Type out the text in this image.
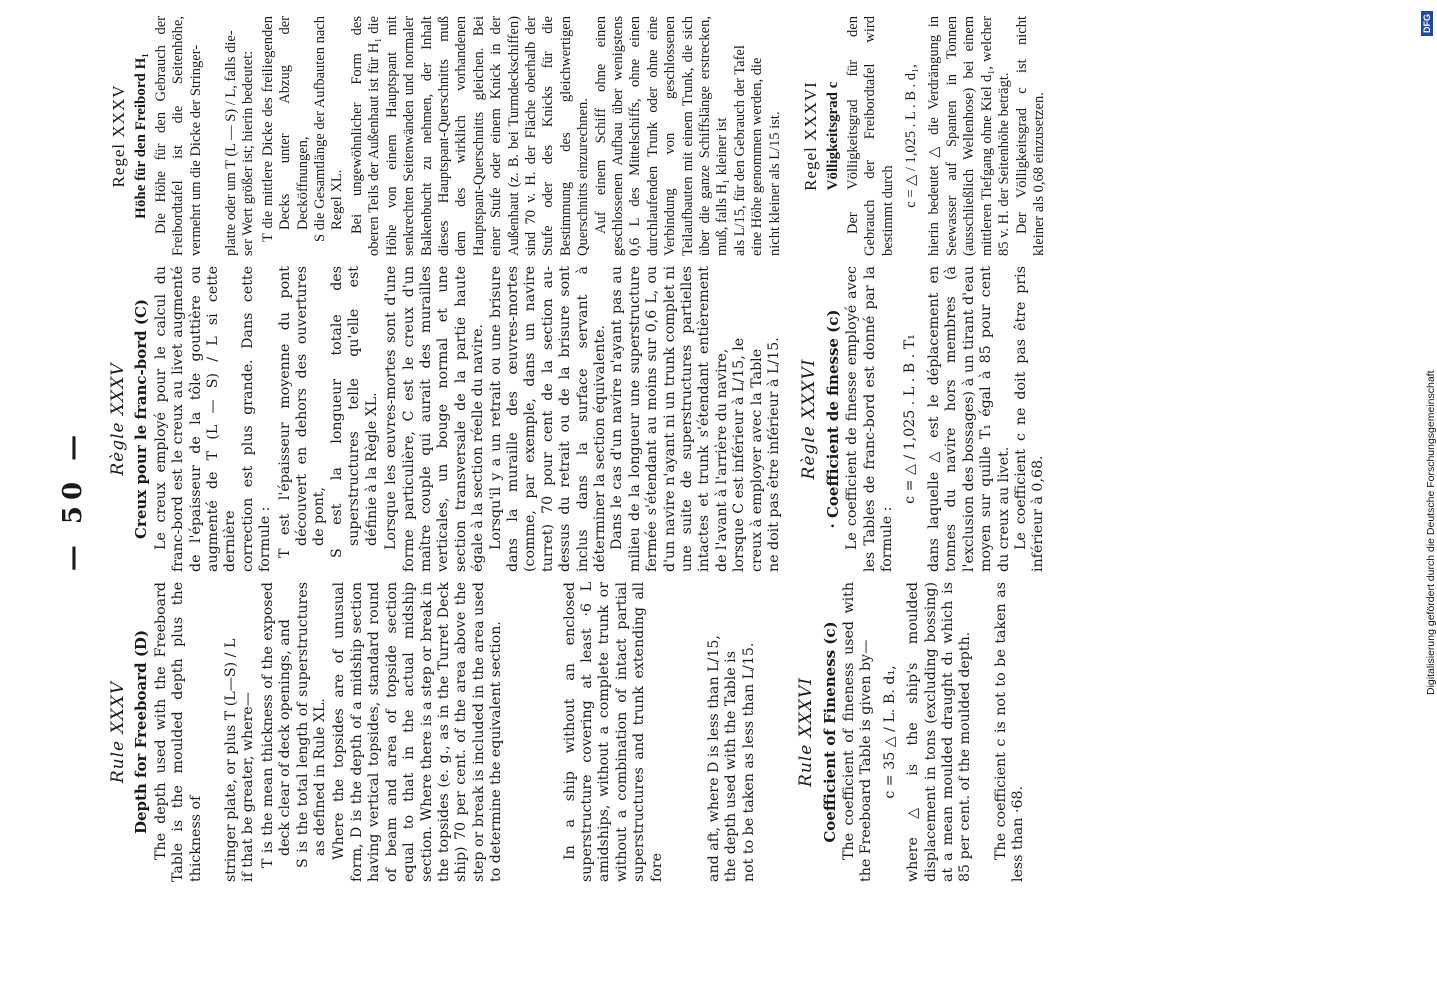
— 50 —
Rule XXXV Depth for Freeboard (D) The depth used with the Freeboard Table is the moulded depth plus the thickness of stringer plate, or plus T (L—S) / L if that be greater, where— T is the mean thickness of the exposed deck clear of deck openings, and S is the total length of superstructures as defined in Rule XL. Where the topsides are of unusual form, D is the depth of a midship section having vertical topsides, standard round of beam and area of topside section equal to that in the actual midship section. Where there is a step or break in the topsides (e. g., as in the Turret Deck ship) 70 per cent. of the area above the step or break is included in the area used to determine the equivalent section.	In a ship without an enclosed superstructure covering at least ·6 L amidships, without a complete trunk or without a combination of intact partial superstructures and trunk extending all fore	and aft, where D is less than L/15, the depth used with the Table is not to be taken as less than L/15. Rule XXXVI Coefficient of Fineness (c) The coefficient of fineness used with the Freeboard Table is given by— c = 35 △ / L. B. d₁, where △ is the ship's moulded displacement in tons (excluding bossing) at a mean moulded draught d₁ which is 85 per cent. of the moulded depth. The coefficient c is not to be taken as less than ·68.

Règle XXXV Creux pour le franc-bord (C) Le creux employé pour le calcul du franc-bord est le creux au livet augmenté de l'épaisseur de la tôle gouttière ou augmenté de T (L — S) / L si cette dernière correction est plus grande. Dans cette formule : T est l'épaisseur moyenne du pont découvert en dehors des ouvertures de pont, S est la longueur totale des superstructures telle qu'elle est définie à la Règle XL. Lorsque les œuvres-mortes sont d'une forme particulière, C est le creux d'un maître couple qui aurait des murailles verticales, un bouge normal et une section transversale de la partie haute égale à la section réelle du navire. Lorsqu'il y a un retrait ou une brisure dans la muraille des œuvres-mortes (comme, par exemple, dans un navire turret) 70 pour cent de la section au-dessus du retrait ou de la brisure sont inclus dans la surface servant à déterminer la section équivalente. Dans le cas d'un navire n'ayant pas au milieu de la longueur une superstructure fermée s'étendant au moins sur 0,6 L, ou d'un navire n'ayant ni un trunk complet ni une suite de superstructures partielles intactes et trunk s'étendant entièrement de l'avant à l'arrière du navire, lorsque C est inférieur à L/15, le creux à employer avec la Table ne doit pas être inférieur à L/15. Règle XXXVI · Coefficient de finesse (c) Le coefficient de finesse employé avec les Tables de franc-bord est donné par la formule :

c = △ / 1,025 . L . B . T₁ dans laquelle △ est le déplacement en tonnes du navire hors membres (à l'exclusion des bossages) à un tirant d'eau moyen sur quille T₁ égal à 85 pour cent du creux au livet. Le coefficient c ne doit pas être pris inférieur à 0,68.

Regel XXXV Höhe für den Freibord H₁ Die Höhe für den Gebrauch der Freibordtafel ist die Seitenhöhe, vermehrt um die Dicke der Stringer- platte oder um T (L — S) / L, falls die- ser Wert größer ist; hierin bedeutet: T die mittlere Dicke des freiliegenden Decks unter Abzug der Decköffnungen, S die Gesamtlänge der Aufbauten nach Regel XL. Bei ungewöhnlicher Form des oberen Teils der Außenhaut ist für H₁ die Höhe von einem Hauptspant mit senkrechten Seitenwänden und normaler Balkenbucht zu nehmen, der Inhalt dieses Hauptspant-Querschnitts muß dem des wirklich vorhandenen Hauptspant-Querschnitts gleichen. Bei einer Stufe oder einem Knick in der Außenhaut (z. B. bei Turmdeckschiffen) sind 70 v. H. der Fläche oberhalb der Stufe oder des Knicks für die Bestimmung des gleichwertigen Querschnitts einzurechnen. Auf einem Schiff ohne einen geschlossenen Aufbau über wenigstens 0,6 L des Mittelschiffs, ohne einen durchlaufenden Trunk oder ohne eine Verbindung von geschlossenen Teilaufbauten mit einem Trunk, die sich über die ganze Schiffslänge erstrecken, muß, falls H₁ kleiner ist als L/15, für den Gebrauch der Tafel eine Höhe genommen werden, die nicht kleiner als L/15 ist. Regel XXXVI Völligkeitsgrad c Der Völligkeitsgrad für den Gebrauch der Freibordtafel wird bestimmt durch

c = △ / 1,025 . L . B . d₁, hierin bedeutet △ die Verdrängung in Seewasser auf Spanten in Tonnen (ausschließlich Wellenhose) bei einem mittleren Tiefgang ohne Kiel d₁, welcher 85 v. H. der Seitenhöhe beträgt. Der Völligkeitsgrad c ist nicht kleiner als 0,68 einzusetzen.

Digitalisierung gefördert durch die Deutsche Forschungsgemeinschaft
DFG
